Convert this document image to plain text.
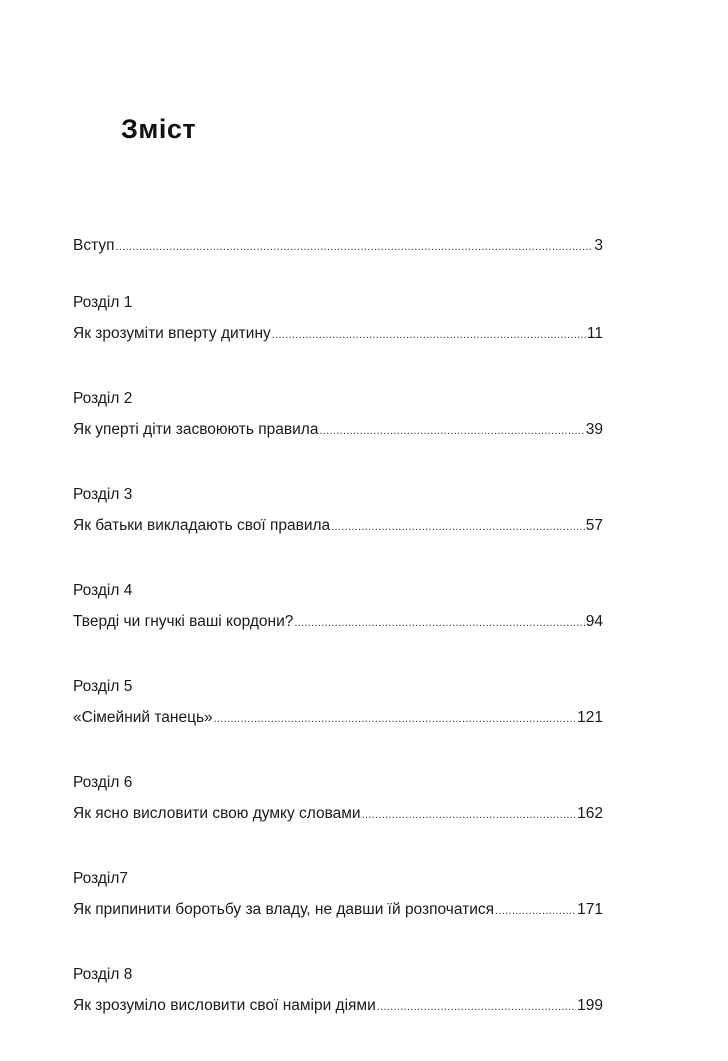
Зміст
Вступ .....	3
Розділ 1
Як зрозуміти вперту дитину .....	11
Розділ 2
Як уперті діти засвоюють правила .....	39
Розділ 3
Як батьки викладають свої правила .....	57
Розділ 4
Тверді чи гнучкі ваші кордони? .....	94
Розділ 5
«Сімейний танець» .....	121
Розділ 6
Як ясно висловити свою думку словами .....	162
Розділ7
Як припинити боротьбу за владу, не давши їй розпочатися .....	171
Розділ 8
Як зрозуміло висловити свої наміри діями .....	199
